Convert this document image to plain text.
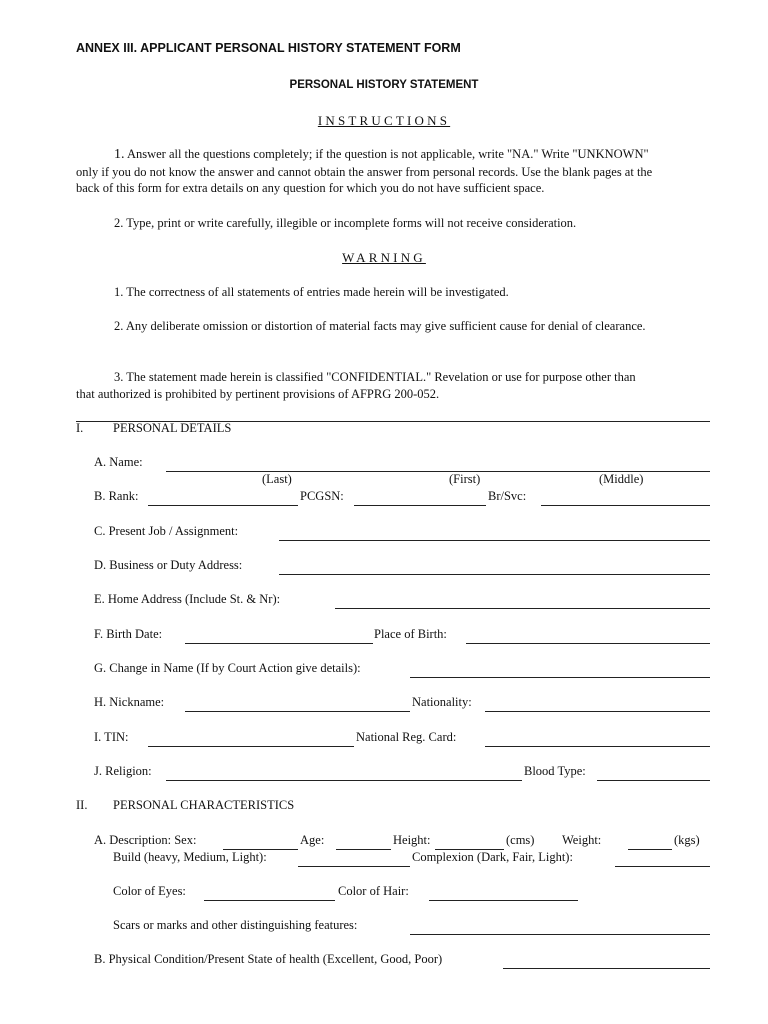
ANNEX III. APPLICANT PERSONAL HISTORY STATEMENT FORM
PERSONAL HISTORY STATEMENT
INSTRUCTIONS
1. Answer all the questions completely; if the question is not applicable, write "NA." Write "UNKNOWN" only if you do not know the answer and cannot obtain the answer from personal records. Use the blank pages at the back of this form for extra details on any question for which you do not have sufficient space.
2. Type, print or write carefully, illegible or incomplete forms will not receive consideration.
WARNING
1. The correctness of all statements of entries made herein will be investigated.
2. Any deliberate omission or distortion of material facts may give sufficient cause for denial of clearance.
3. The statement made herein is classified "CONFIDENTIAL." Revelation or use for purpose other than that authorized is prohibited by pertinent provisions of AFPRG 200-052.
I. PERSONAL DETAILS
A. Name:
(Last)	(First)	(Middle)
B. Rank:	PCGSN:	Br/Svc:
C. Present Job / Assignment:
D. Business or Duty Address:
E. Home Address (Include St. & Nr):
F. Birth Date:	Place of Birth:
G. Change in Name (If by Court Action give details):
H. Nickname:	Nationality:
I. TIN:	National Reg. Card:
J. Religion:	Blood Type:
II. PERSONAL CHARACTERISTICS
A. Description: Sex:	Age:	Height:	(cms) Weight:	(kgs)
Build (heavy, Medium, Light):	Complexion (Dark, Fair, Light):
Color of Eyes:	Color of Hair:
Scars or marks and other distinguishing features:
B. Physical Condition/Present State of health (Excellent, Good, Poor)
